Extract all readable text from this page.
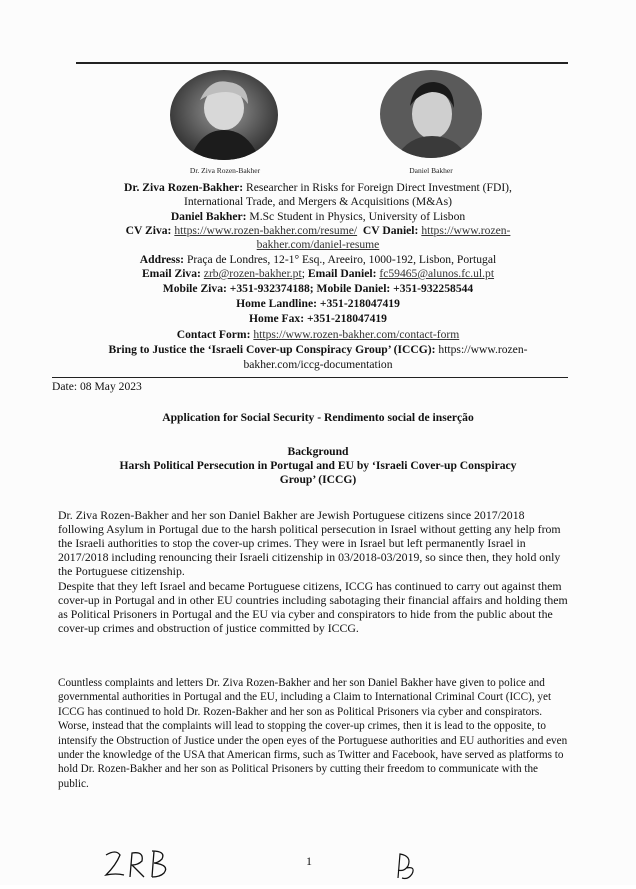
Dr. Ziva Rozen-Bakher	Daniel Bakher
Dr. Ziva Rozen-Bakher: Researcher in Risks for Foreign Direct Investment (FDI),
International Trade, and Mergers & Acquisitions (M&As)
Daniel Bakher: M.Sc Student in Physics, University of Lisbon
CV Ziva: https://www.rozen-bakher.com/resume/ CV Daniel: https://www.rozen-
bakher.com/daniel-resume
Address: Praça de Londres, 12-1° Esq., Areeiro, 1000-192, Lisbon, Portugal
Email Ziva: zrb@rozen-bakher.pt; Email Daniel: fc59465@alunos.fc.ul.pt
Mobile Ziva: +351-932374188; Mobile Daniel: +351-932258544
Home Landline: +351-218047419
Home Fax: +351-218047419
Contact Form: https://www.rozen-bakher.com/contact-form
Bring to Justice the ‘Israeli Cover-up Conspiracy Group’ (ICCG): https://www.rozen-
bakher.com/iccg-documentation
Date: 08 May 2023
Application for Social Security - Rendimento social de inserção
Background
Harsh Political Persecution in Portugal and EU by ‘Israeli Cover-up Conspiracy
Group’ (ICCG)
Dr. Ziva Rozen-Bakher and her son Daniel Bakher are Jewish Portuguese citizens since 2017/2018 following Asylum in Portugal due to the harsh political persecution in Israel without getting any help from the Israeli authorities to stop the cover-up crimes. They were in Israel but left permanently Israel in 2017/2018 including renouncing their Israeli citizenship in 03/2018-03/2019, so since then, they hold only the Portuguese citizenship.
Despite that they left Israel and became Portuguese citizens, ICCG has continued to carry out against them cover-up in Portugal and in other EU countries including sabotaging their financial affairs and holding them as Political Prisoners in Portugal and the EU via cyber and conspirators to hide from the public about the cover-up crimes and obstruction of justice committed by ICCG.
Countless complaints and letters Dr. Ziva Rozen-Bakher and her son Daniel Bakher have given to police and governmental authorities in Portugal and the EU, including a Claim to International Criminal Court (ICC), yet ICCG has continued to hold Dr. Rozen-Bakher and her son as Political Prisoners via cyber and conspirators. Worse, instead that the complaints will lead to stopping the cover-up crimes, then it is lead to the opposite, to intensify the Obstruction of Justice under the open eyes of the Portuguese authorities and EU authorities and even under the knowledge of the USA that American firms, such as Twitter and Facebook, have served as platforms to hold Dr. Rozen-Bakher and her son as Political Prisoners by cutting their freedom to communicate with the public.
1
